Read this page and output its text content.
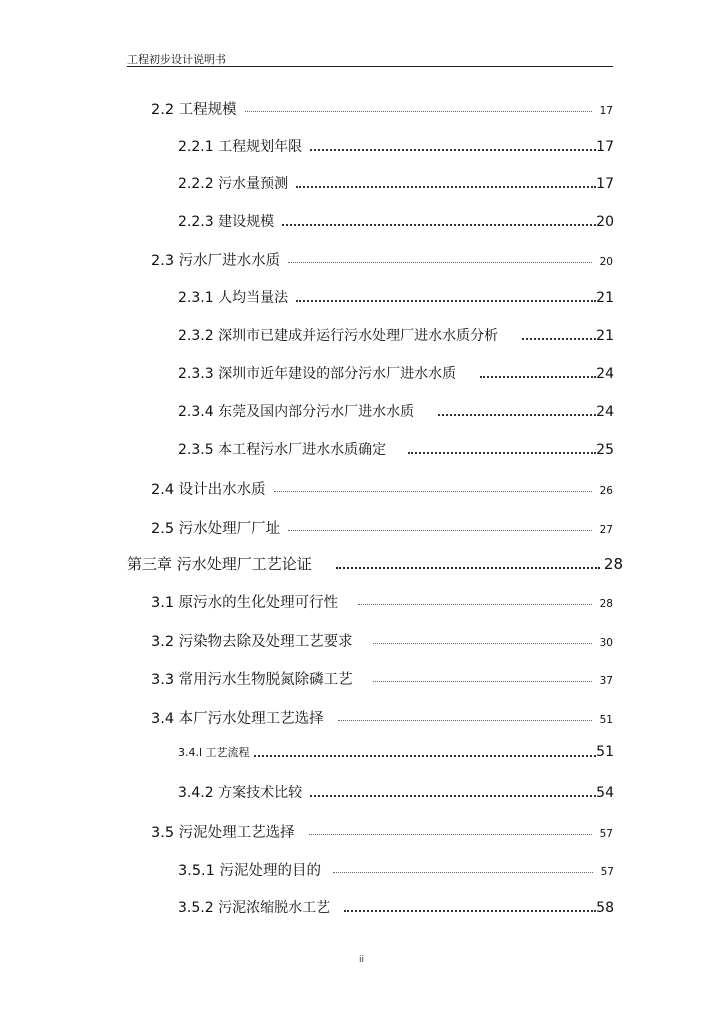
工程初步设计说明书
2.2 工程规模	17
2.2.1 工程规划年限	17
2.2.2 污水量预测	17
2.2.3 建设规模	20
2.3 污水厂进水水质	20
2.3.1 人均当量法	21
2.3.2 深圳市已建成并运行污水处理厂进水水质分析	21
2.3.3 深圳市近年建设的部分污水厂进水水质	24
2.3.4 东莞及国内部分污水厂进水水质	24
2.3.5 本工程污水厂进水水质确定	25
2.4 设计出水水质	26
2.5 污水处理厂厂址	27
第三章 污水处理厂工艺论证	28
3.1 原污水的生化处理可行性	28
3.2 污染物去除及处理工艺要求	30
3.3 常用污水生物脱氮除磷工艺	37
3.4 本厂污水处理工艺选择	51
3.4.l 工艺流程	51
3.4.2 方案技术比较	54
3.5 污泥处理工艺选择	57
3.5.1 污泥处理的目的	57
3.5.2 污泥浓缩脱水工艺	58
ii
